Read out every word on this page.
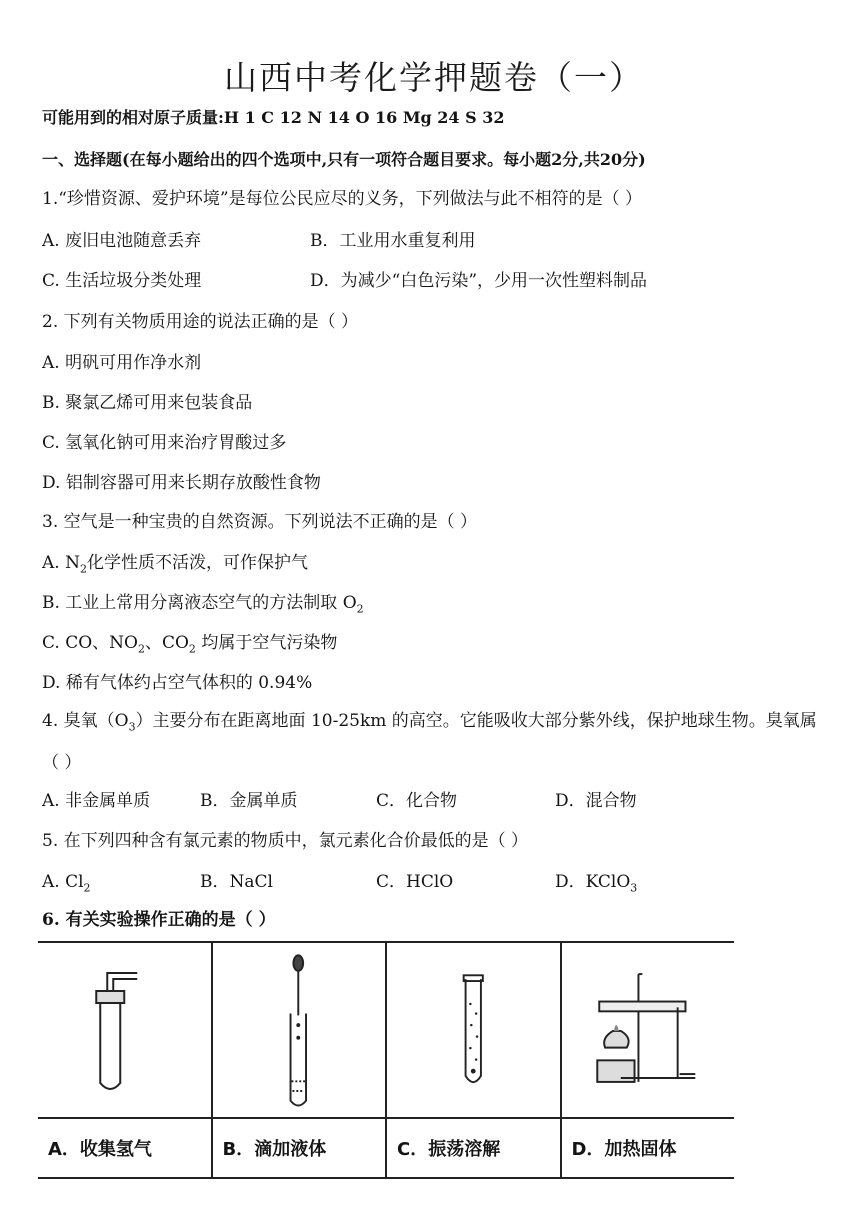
山西中考化学押题卷（一）
可能用到的相对原子质量:H 1 C 12 N 14 O 16 Mg 24 S 32
一、选择题(在每小题给出的四个选项中,只有一项符合题目要求。每小题2分,共20分)
1.“珍惜资源、爱护环境”是每位公民应尽的义务，下列做法与此不相符的是（ ）
A. 废旧电池随意丢弃	B．工业用水重复利用
C. 生活垃圾分类处理	D．为减少“白色污染”，少用一次性塑料制品
2. 下列有关物质用途的说法正确的是（ ）
A. 明矾可用作净水剂
B. 聚氯乙烯可用来包装食品
C. 氢氧化钠可用来治疗胃酸过多
D. 铝制容器可用来长期存放酸性食物
3. 空气是一种宝贵的自然资源。下列说法不正确的是（ ）
A. $N_2$化学性质不活泼，可作保护气
B. 工业上常用分离液态空气的方法制取 $O_2$
C. CO、$NO_2$、$CO_2$ 均属于空气污染物
D. 稀有气体约占空气体积的 0.94%
4. 臭氧$(O_3)$主要分布在距离地面 10-25km 的高空。它能吸收大部分紫外线，保护地球生物。臭氧属
（ ）
A. 非金属单质	B．金属单质	C．化合物	D．混合物
5. 在下列四种含有氯元素的物质中，氯元素化合价最低的是（ ）
A. $Cl_2$	B．NaCl	C．HClO	D．KClO$_3$
6. 有关实验操作正确的是（ ）
A．收集氢气	B．滴加液体	C．振荡溶解	D．加热固体
